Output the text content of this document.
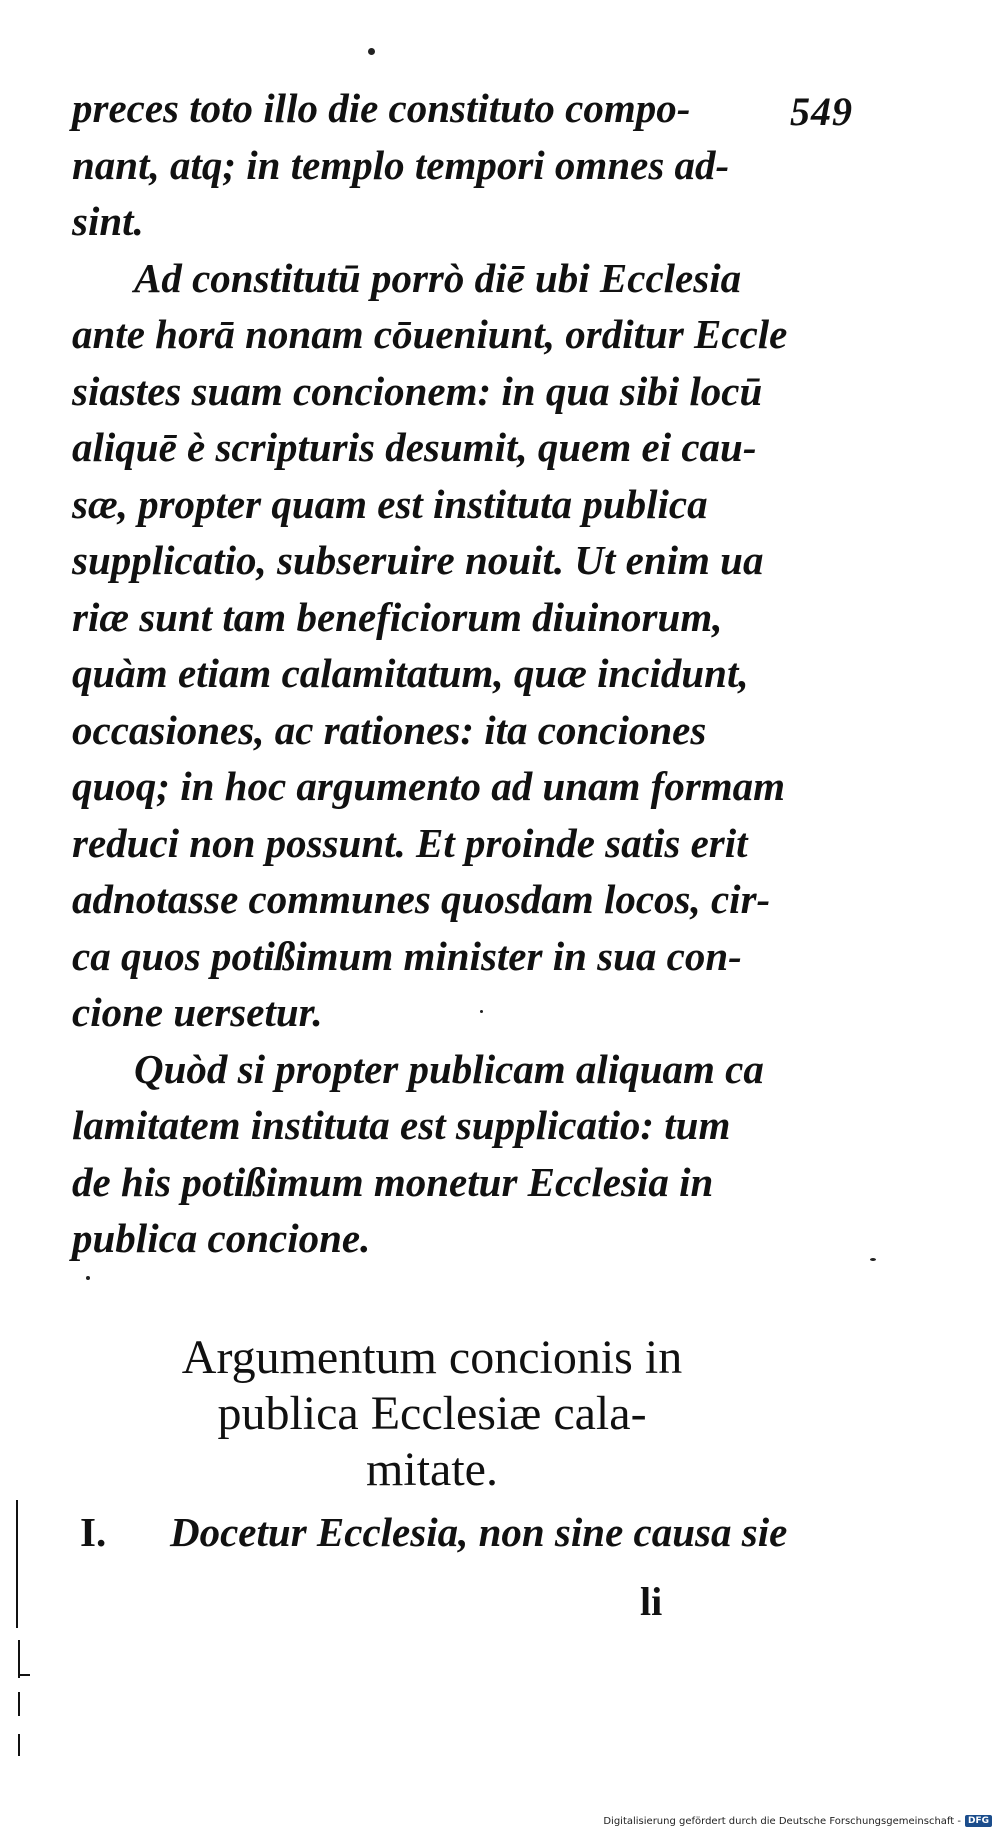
549
preces toto illo die constituto compo-
nant, atq; in templo tempori omnes ad-
sint.
Ad constitutū porrò diē ubi Ecclesia
ante horā nonam cōueniunt, orditur Eccle
siastes suam concionem: in qua sibi locū
aliquē è scripturis desumit, quem ei cau-
sæ, propter quam est instituta publica
supplicatio, subseruire nouit. Ut enim ua
riæ sunt tam beneficiorum diuinorum,
quàm etiam calamitatum, quæ incidunt,
occasiones, ac rationes: ita conciones
quoq; in hoc argumento ad unam formam
reduci non possunt. Et proinde satis erit
adnotasse communes quosdam locos, cir-
ca quos potißimum minister in sua con-
cione uersetur.
Quòd si propter publicam aliquam ca
lamitatem instituta est supplicatio: tum
de his potißimum monetur Ecclesia in
publica concione.
Argumentum concionis in
publica Ecclesiæ cala-
mitate.
I. Docetur Ecclesia, non sine causa sie
li
Digitalisierung gefördert durch die Deutsche Forschungsgemeinschaft - DFG
